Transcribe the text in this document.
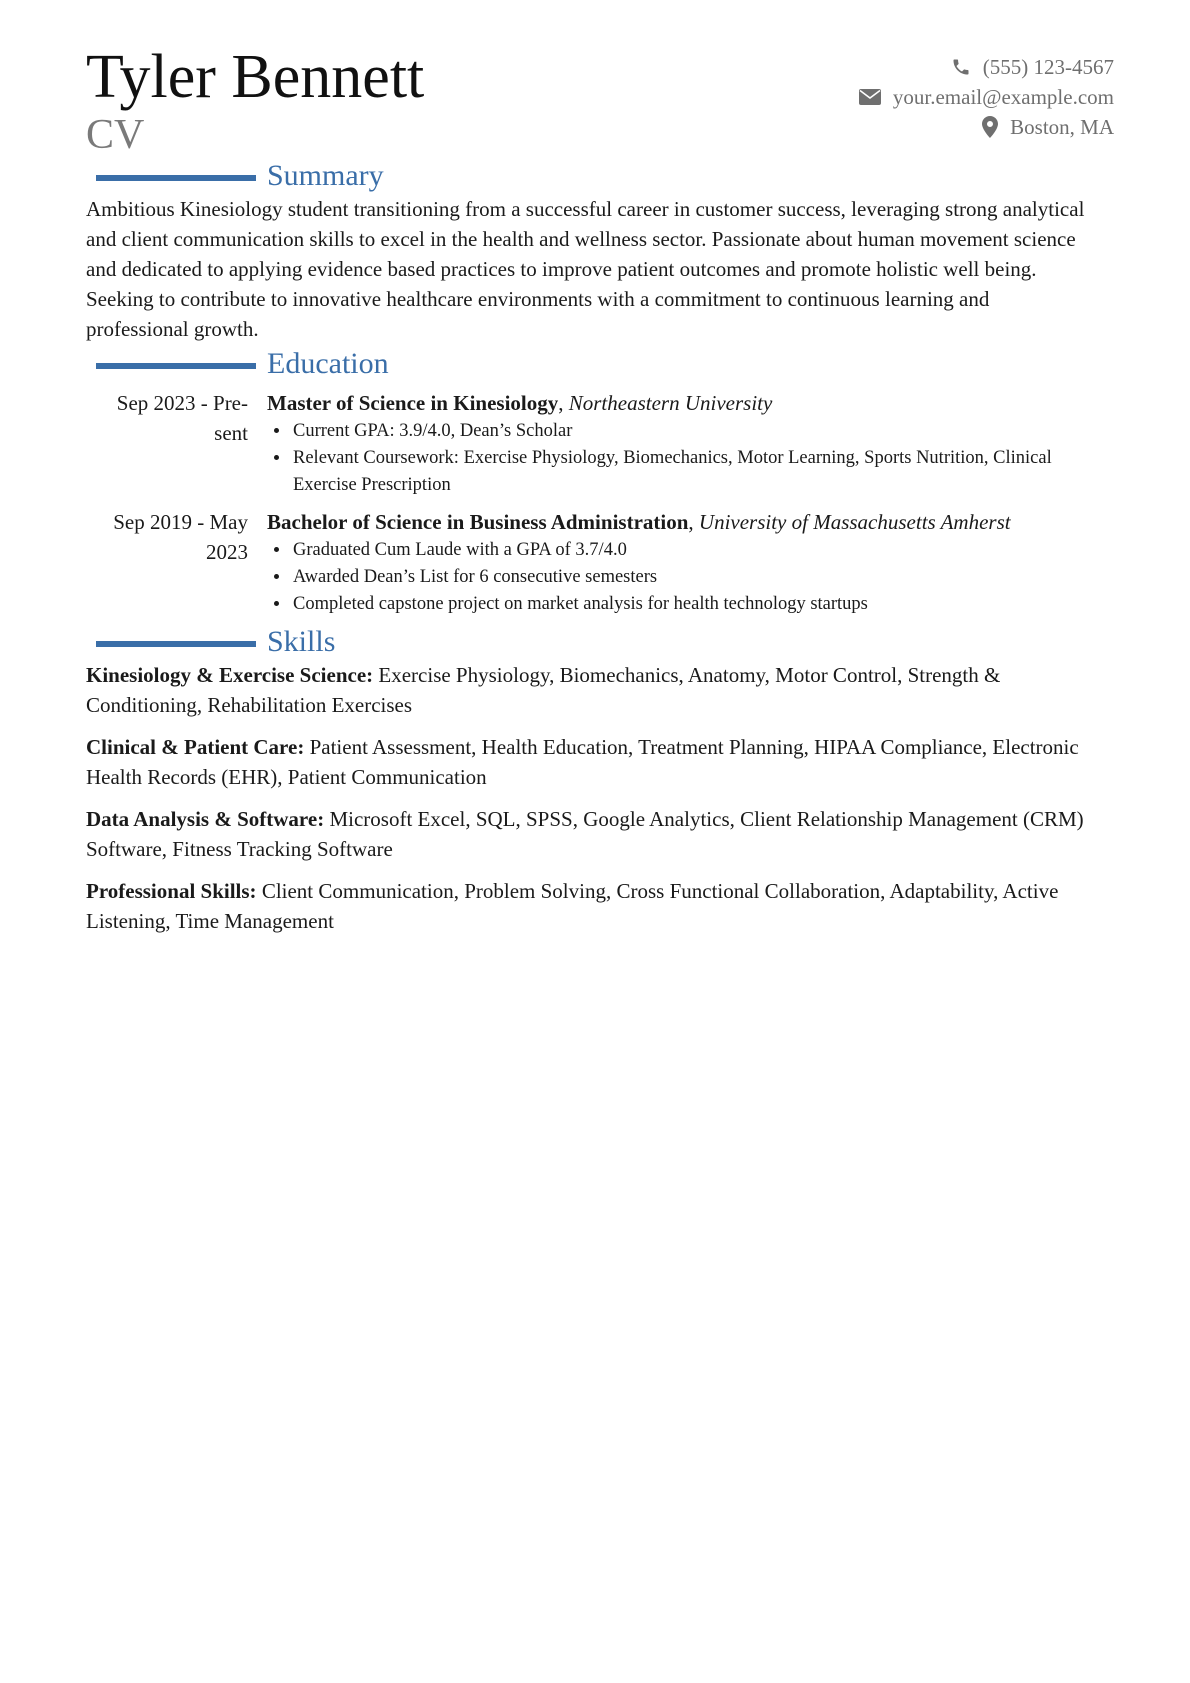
Tyler Bennett
CV
(555) 123-4567
your.email@example.com
Boston, MA
Summary

Ambitious Kinesiology student transitioning from a successful career in customer success, leveraging strong analytical and client communication skills to excel in the health and wellness sector. Passionate about human movement science and dedicated to applying evidence based practices to improve patient outcomes and promote holistic well being. Seeking to contribute to innovative healthcare environments with a commitment to continuous learning and professional growth.

Education
Sep 2023 - Pre-
sent
Master of Science in Kinesiology, Northeastern University
• Current GPA: 3.9/4.0, Dean’s Scholar
• Relevant Coursework: Exercise Physiology, Biomechanics, Motor Learning, Sports Nutrition, Clinical Exercise Prescription
Sep 2019 - May
2023
Bachelor of Science in Business Administration, University of Massachusetts Amherst
• Graduated Cum Laude with a GPA of 3.7/4.0
• Awarded Dean’s List for 6 consecutive semesters
• Completed capstone project on market analysis for health technology startups
Skills

Kinesiology & Exercise Science: Exercise Physiology, Biomechanics, Anatomy, Motor Control, Strength & Conditioning, Rehabilitation Exercises

Clinical & Patient Care: Patient Assessment, Health Education, Treatment Planning, HIPAA Compliance, Electronic Health Records (EHR), Patient Communication

Data Analysis & Software: Microsoft Excel, SQL, SPSS, Google Analytics, Client Relationship Management (CRM) Software, Fitness Tracking Software

Professional Skills: Client Communication, Problem Solving, Cross Functional Collaboration, Adaptability, Active Listening, Time Management
